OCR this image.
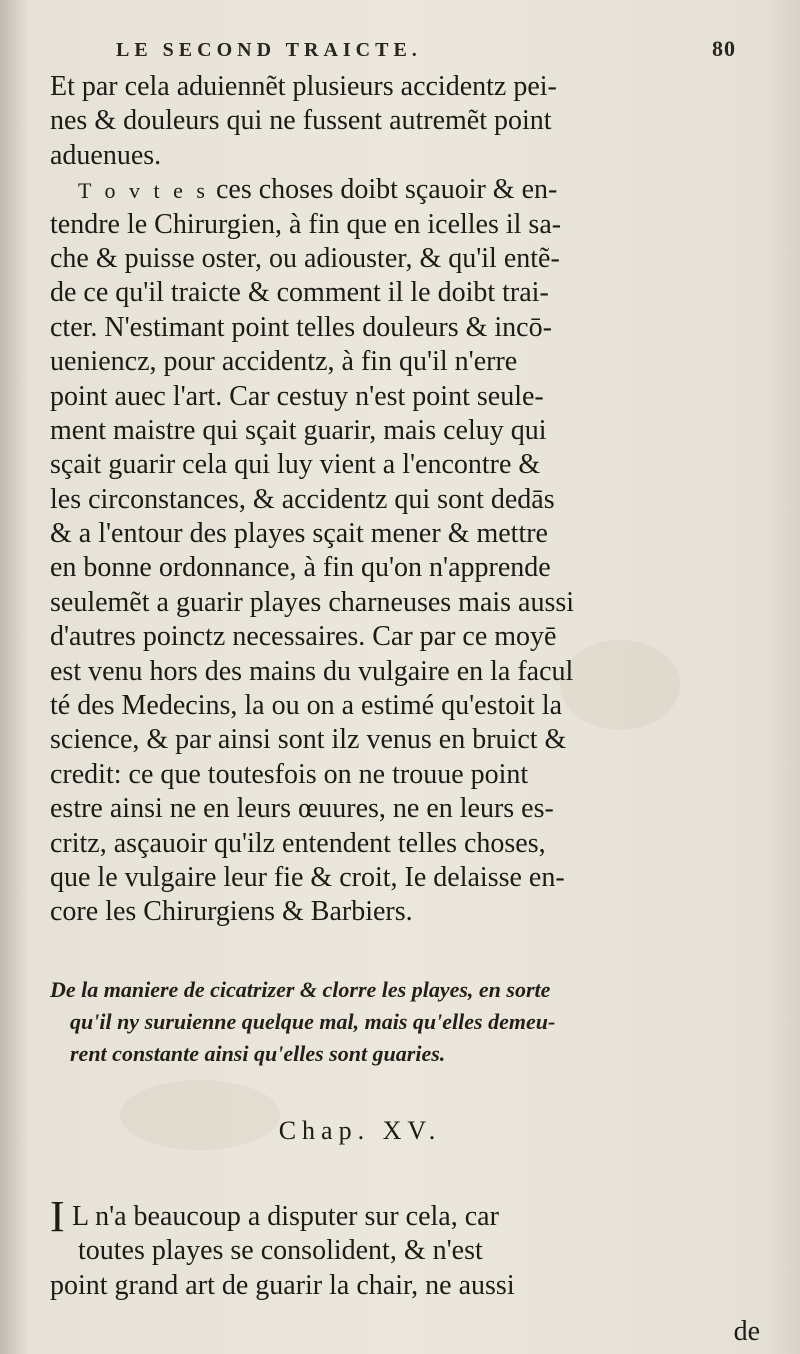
LE SECOND TRAICTE.	80
Et par cela aduiennẽt plusieurs accidentz pei-
nes & douleurs qui ne fussent autremẽt point
aduenues.
T o v t e s ces choses doibt sçauoir & en-
tendre le Chirurgien, à fin que en icelles il sa-
che & puisse oster, ou adiouster, & qu'il entẽ-
de ce qu'il traicte & comment il le doibt trai-
cter. N'estimant point telles douleurs & incō-
ueniencz, pour accidentz, à fin qu'il n'erre
point auec l'art. Car cestuy n'est point seule-
ment maistre qui sçait guarir, mais celuy qui
sçait guarir cela qui luy vient a l'encontre &
les circonstances, & accidentz qui sont dedās
& a l'entour des playes sçait mener & mettre
en bonne ordonnance, à fin qu'on n'apprende
seulemẽt a guarir playes charneuses mais aussi
d'autres poinctz necessaires. Car par ce moyē
est venu hors des mains du vulgaire en la facul
té des Medecins, la ou on a estimé qu'estoit la
science, & par ainsi sont ilz venus en bruict &
credit: ce que toutesfois on ne trouue point
estre ainsi ne en leurs œuures, ne en leurs es-
critz, asçauoir qu'ilz entendent telles choses,
que le vulgaire leur fie & croit, Ie delaisse en-
core les Chirurgiens & Barbiers.
De la maniere de cicatrizer & clorre les playes, en sorte
qu'il ny suruienne quelque mal, mais qu'elles demeu-
rent constante ainsi qu'elles sont guaries.
Chap. XV.
I L n'a beaucoup a disputer sur cela, car
toutes playes se consolident, & n'est
point grand art de guarir la chair, ne aussi
de
